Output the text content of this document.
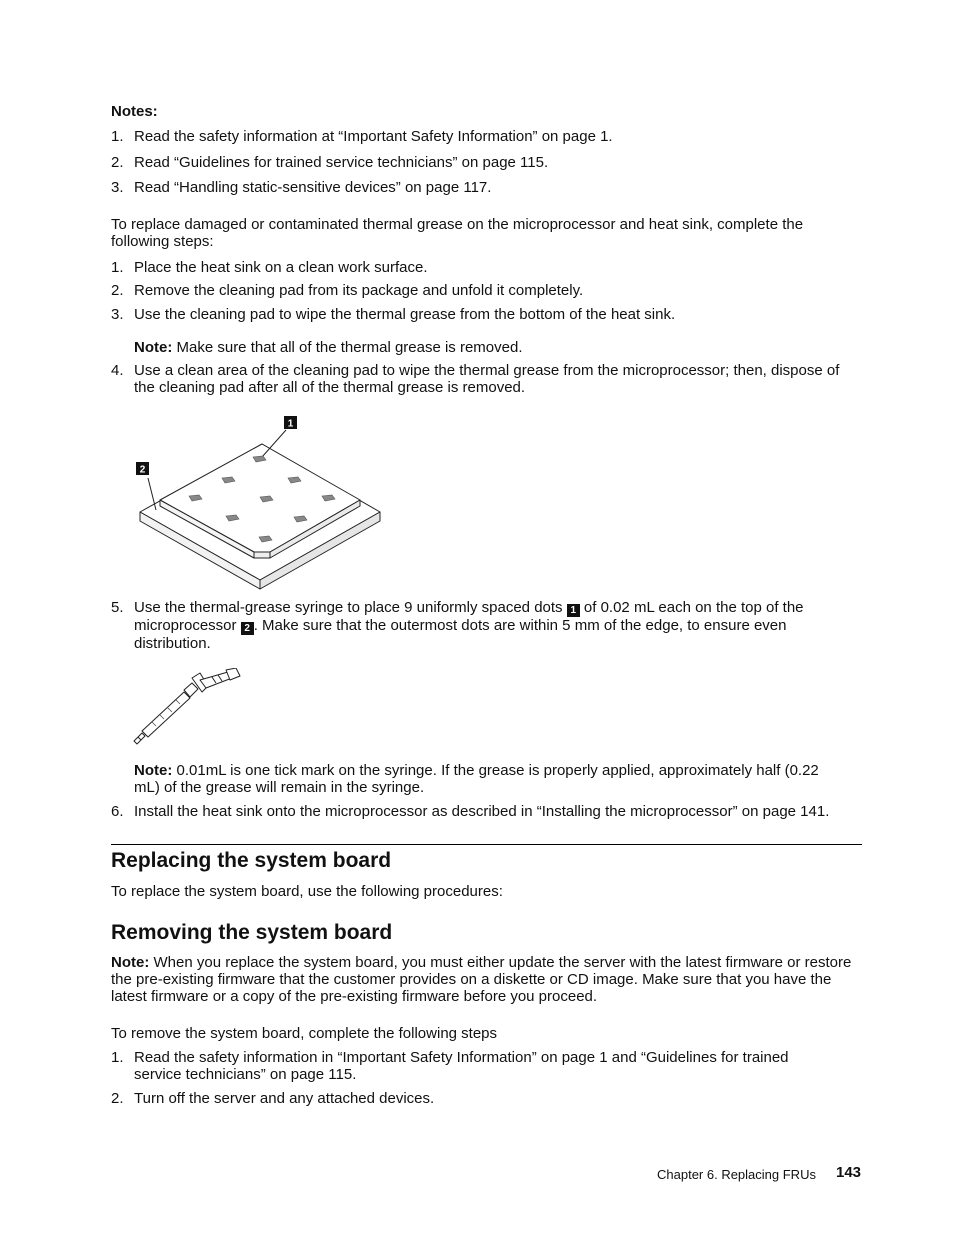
Notes:
1. Read the safety information at “Important Safety Information” on page 1.
2. Read “Guidelines for trained service technicians” on page 115.
3. Read “Handling static-sensitive devices” on page 117.
To replace damaged or contaminated thermal grease on the microprocessor and heat sink, complete the following steps:
1. Place the heat sink on a clean work surface.
2. Remove the cleaning pad from its package and unfold it completely.
3. Use the cleaning pad to wipe the thermal grease from the bottom of the heat sink.
Note: Make sure that all of the thermal grease is removed.
4. Use a clean area of the cleaning pad to wipe the thermal grease from the microprocessor; then, dispose of the cleaning pad after all of the thermal grease is removed.
1
2
5. Use the thermal-grease syringe to place 9 uniformly spaced dots 1 of 0.02 mL each on the top of the microprocessor 2 . Make sure that the outermost dots are within 5 mm of the edge, to ensure even distribution.
Note: 0.01mL is one tick mark on the syringe. If the grease is properly applied, approximately half (0.22 mL) of the grease will remain in the syringe.
6. Install the heat sink onto the microprocessor as described in “Installing the microprocessor” on page 141.
Replacing the system board
To replace the system board, use the following procedures:
Removing the system board
Note: When you replace the system board, you must either update the server with the latest firmware or restore the pre-existing firmware that the customer provides on a diskette or CD image. Make sure that you have the latest firmware or a copy of the pre-existing firmware before you proceed.
To remove the system board, complete the following steps
1. Read the safety information in “Important Safety Information” on page 1 and “Guidelines for trained service technicians” on page 115.
2. Turn off the server and any attached devices.
Chapter 6. Replacing FRUs 143
